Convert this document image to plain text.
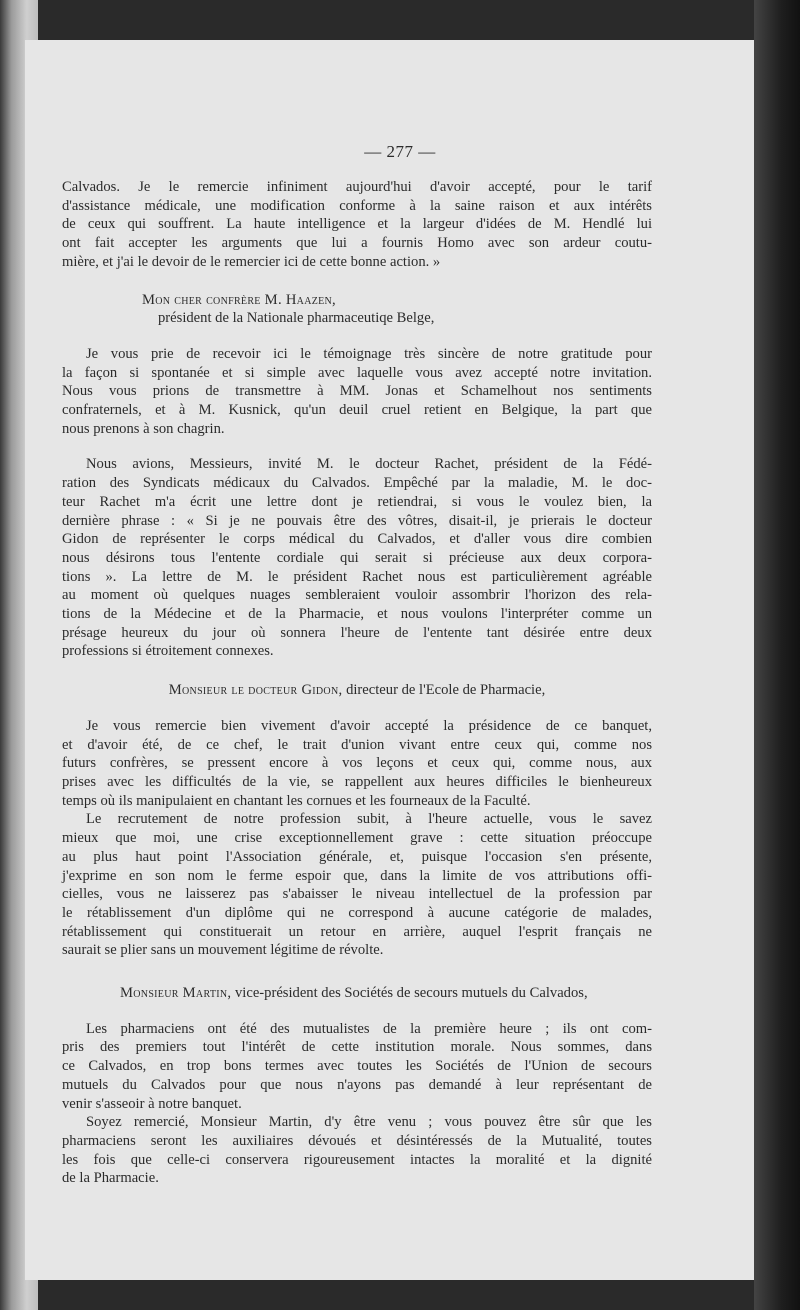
— 277 —

Calvados. Je le remercie infiniment aujourd'hui d'avoir accepté, pour le tarif
d'assistance médicale, une modification conforme à la saine raison et aux intérêts
de ceux qui souffrent. La haute intelligence et la largeur d'idées de M. Hendlé lui
ont fait accepter les arguments que lui a fournis Homo avec son ardeur coutu-
mière, et j'ai le devoir de le remercier ici de cette bonne action. »

Mon cher confrère M. Haazen,

président de la Nationale pharmaceutiqe Belge,

Je vous prie de recevoir ici le témoignage très sincère de notre gratitude pour
la façon si spontanée et si simple avec laquelle vous avez accepté notre invitation.
Nous vous prions de transmettre à MM. Jonas et Schamelhout nos sentiments
confraternels, et à M. Kusnick, qu'un deuil cruel retient en Belgique, la part que
nous prenons à son chagrin.

Nous avions, Messieurs, invité M. le docteur Rachet, président de la Fédé-
ration des Syndicats médicaux du Calvados. Empêché par la maladie, M. le doc-
teur Rachet m'a écrit une lettre dont je retiendrai, si vous le voulez bien, la
dernière phrase : « Si je ne pouvais être des vôtres, disait-il, je prierais le docteur
Gidon de représenter le corps médical du Calvados, et d'aller vous dire combien
nous désirons tous l'entente cordiale qui serait si précieuse aux deux corpora-
tions ». La lettre de M. le président Rachet nous est particulièrement agréable
au moment où quelques nuages sembleraient vouloir assombrir l'horizon des rela-
tions de la Médecine et de la Pharmacie, et nous voulons l'interpréter comme un
présage heureux du jour où sonnera l'heure de l'entente tant désirée entre deux
professions si étroitement connexes.

Monsieur le docteur Gidon, directeur de l'Ecole de Pharmacie,

Je vous remercie bien vivement d'avoir accepté la présidence de ce banquet,
et d'avoir été, de ce chef, le trait d'union vivant entre ceux qui, comme nos
futurs confrères, se pressent encore à vos leçons et ceux qui, comme nous, aux
prises avec les difficultés de la vie, se rappellent aux heures difficiles le bienheureux
temps où ils manipulaient en chantant les cornues et les fourneaux de la Faculté.

Le recrutement de notre profession subit, à l'heure actuelle, vous le savez
mieux que moi, une crise exceptionnellement grave : cette situation préoccupe
au plus haut point l'Association générale, et, puisque l'occasion s'en présente,
j'exprime en son nom le ferme espoir que, dans la limite de vos attributions offi-
cielles, vous ne laisserez pas s'abaisser le niveau intellectuel de la profession par
le rétablissement d'un diplôme qui ne correspond à aucune catégorie de malades,
rétablissement qui constituerait un retour en arrière, auquel l'esprit français ne
saurait se plier sans un mouvement légitime de révolte.

Monsieur Martin, vice-président des Sociétés de secours mutuels du Calvados,

Les pharmaciens ont été des mutualistes de la première heure ; ils ont com-
pris des premiers tout l'intérêt de cette institution morale. Nous sommes, dans
ce Calvados, en trop bons termes avec toutes les Sociétés de l'Union de secours
mutuels du Calvados pour que nous n'ayons pas demandé à leur représentant de
venir s'asseoir à notre banquet.

Soyez remercié, Monsieur Martin, d'y être venu ; vous pouvez être sûr que les
pharmaciens seront les auxiliaires dévoués et désintéressés de la Mutualité, toutes
les fois que celle-ci conservera rigoureusement intactes la moralité et la dignité
de la Pharmacie.
